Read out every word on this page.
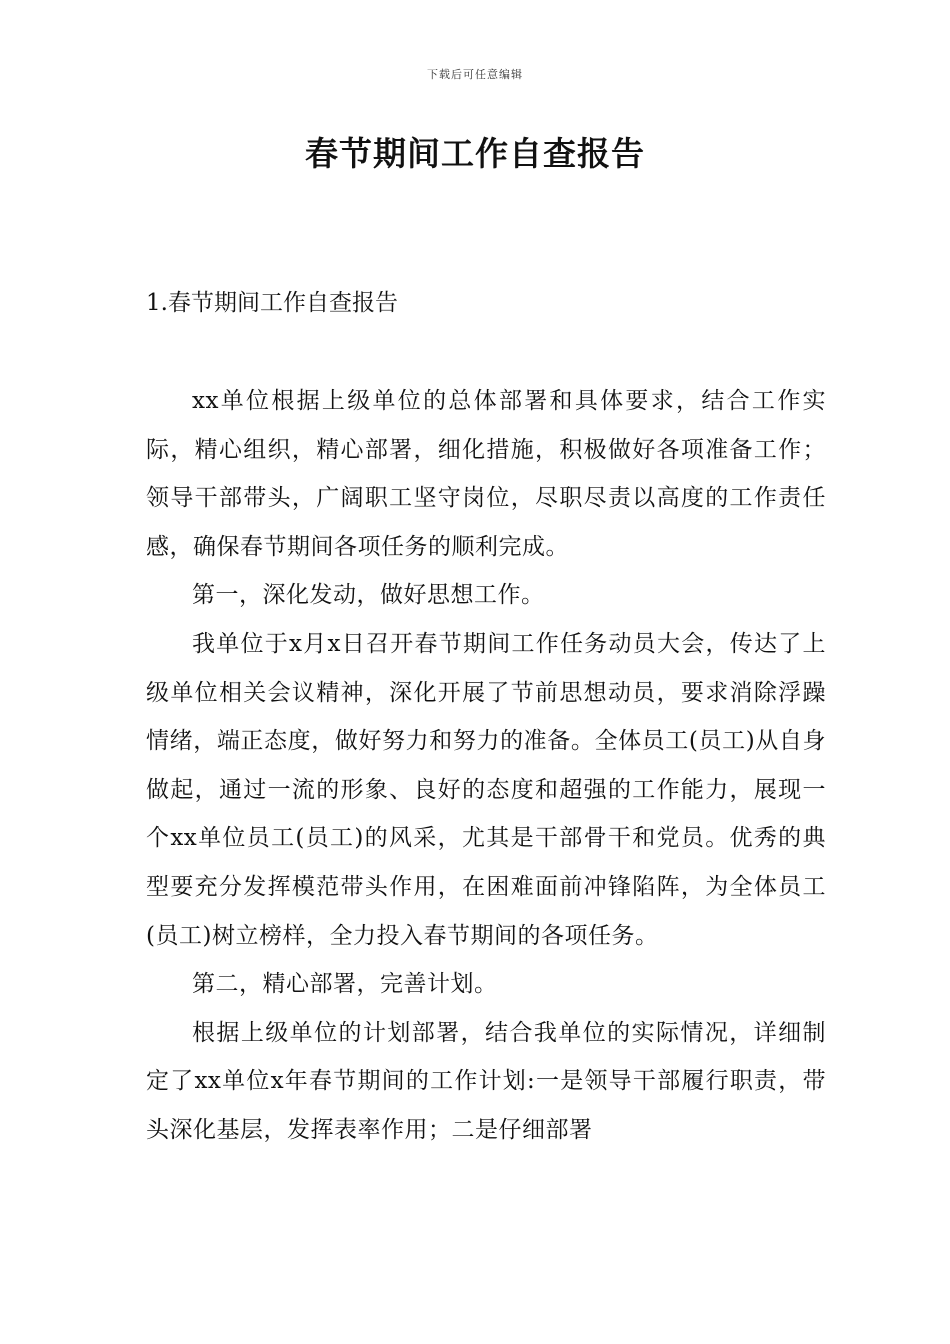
下载后可任意编辑
春节期间工作自查报告
1.春节期间工作自查报告

xx单位根据上级单位的总体部署和具体要求，结合工作实际，精心组织，精心部署，细化措施，积极做好各项准备工作；领导干部带头，广阔职工坚守岗位，尽职尽责以高度的工作责任感，确保春节期间各项任务的顺利完成。

第一，深化发动，做好思想工作。

我单位于x月x日召开春节期间工作任务动员大会，传达了上级单位相关会议精神，深化开展了节前思想动员，要求消除浮躁情绪，端正态度，做好努力和努力的准备。全体员工(员工)从自身做起，通过一流的形象、良好的态度和超强的工作能力，展现一个xx单位员工(员工)的风采，尤其是干部骨干和党员。优秀的典型要充分发挥模范带头作用，在困难面前冲锋陷阵，为全体员工(员工)树立榜样，全力投入春节期间的各项任务。

第二，精心部署，完善计划。

根据上级单位的计划部署，结合我单位的实际情况，详细制定了xx单位x年春节期间的工作计划:一是领导干部履行职责，带头深化基层，发挥表率作用；二是仔细部署
